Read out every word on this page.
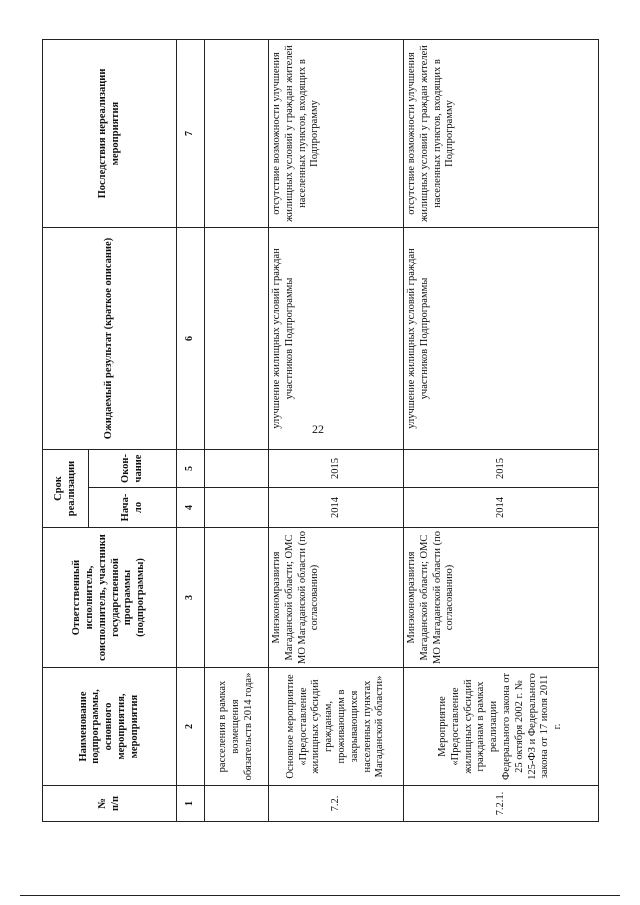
22
№
п/п	Наименование подпрограммы, основного мероприятия, мероприятия	Ответственный исполнитель, соисполнитель, участники государственной программы (подпрограммы)	Срок реализации		Ожидаемый результат (краткое описание)	Последствия нереализации мероприятия
			Нача-ло	Окон-чание		
1	2	3	4	5	6	7
	расселения в рамках возмещения обязательств 2014 года»					
7.2.	Основное мероприятие «Предоставление жилищных субсидий гражданам, проживающим в закрывающихся населенных пунктах Магаданской области»	Минэкономразвития Магаданской области; ОМС МО Магаданской области (по согласованию)	2014	2015	улучшение жилищных условий граждан участников Подпрограммы	отсутствие возможности улучшения жилищных условий у граждан жителей населенных пунктов, входящих в Подпрограмму
7.2.1.	Мероприятие «Предоставление жилищных субсидий гражданам в рамках реализации Федерального закона от 25 октября 2002 г. № 125-ФЗ и Федерального закона от 17 июля 2011 г.	Минэкономразвития Магаданской области; ОМС МО Магаданской области (по согласованию)	2014	2015	улучшение жилищных условий граждан участников Подпрограммы	отсутствие возможности улучшения жилищных условий у граждан жителей населенных пунктов, входящих в Подпрограмму
